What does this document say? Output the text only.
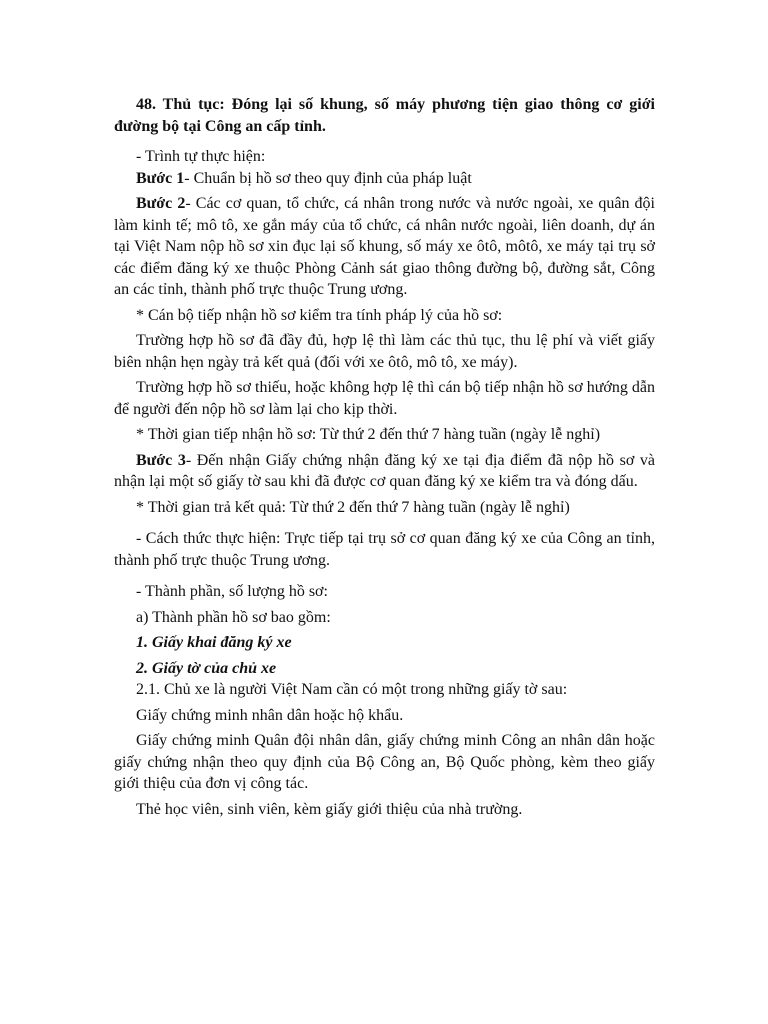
48. Thủ tục: Đóng lại số khung, số máy phương tiện giao thông cơ giới đường bộ tại Công an cấp tỉnh.

- Trình tự thực hiện:

Bước 1- Chuẩn bị hồ sơ theo quy định của pháp luật

Bước 2- Các cơ quan, tổ chức, cá nhân trong nước và nước ngoài, xe quân đội làm kinh tế; mô tô, xe gắn máy của tổ chức, cá nhân nước ngoài, liên doanh, dự án tại Việt Nam nộp hồ sơ xin đục lại số khung, số máy xe ôtô, môtô, xe máy tại trụ sở các điểm đăng ký xe thuộc Phòng Cảnh sát giao thông đường bộ, đường sắt, Công an các tỉnh, thành phố trực thuộc Trung ương.

* Cán bộ tiếp nhận hồ sơ kiểm tra tính pháp lý của hồ sơ:

Trường hợp hồ sơ đã đầy đủ, hợp lệ thì làm các thủ tục, thu lệ phí và viết giấy biên nhận hẹn ngày trả kết quả (đối với xe ôtô, mô tô, xe máy).

Trường hợp hồ sơ thiếu, hoặc không hợp lệ thì cán bộ tiếp nhận hồ sơ hướng dẫn để người đến nộp hồ sơ làm lại cho kịp thời.

* Thời gian tiếp nhận hồ sơ: Từ thứ 2 đến thứ 7 hàng tuần (ngày lễ nghỉ)

Bước 3- Đến nhận Giấy chứng nhận đăng ký xe tại địa điểm đã nộp hồ sơ và nhận lại một số giấy tờ sau khi đã được cơ quan đăng ký xe kiểm tra và đóng dấu.

* Thời gian trả kết quả: Từ thứ 2 đến thứ 7 hàng tuần (ngày lễ nghỉ)

- Cách thức thực hiện: Trực tiếp tại trụ sở cơ quan đăng ký xe của Công an tỉnh, thành phố trực thuộc Trung ương.

- Thành phần, số lượng hồ sơ:

a) Thành phần hồ sơ bao gồm:

1. Giấy khai đăng ký xe

2. Giấy tờ của chủ xe

2.1. Chủ xe là người Việt Nam cần có một trong những giấy tờ sau:

Giấy chứng minh nhân dân hoặc hộ khẩu.

Giấy chứng minh Quân đội nhân dân, giấy chứng minh Công an nhân dân hoặc giấy chứng nhận theo quy định của Bộ Công an, Bộ Quốc phòng, kèm theo giấy giới thiệu của đơn vị công tác.

Thẻ học viên, sinh viên, kèm giấy giới thiệu của nhà trường.
